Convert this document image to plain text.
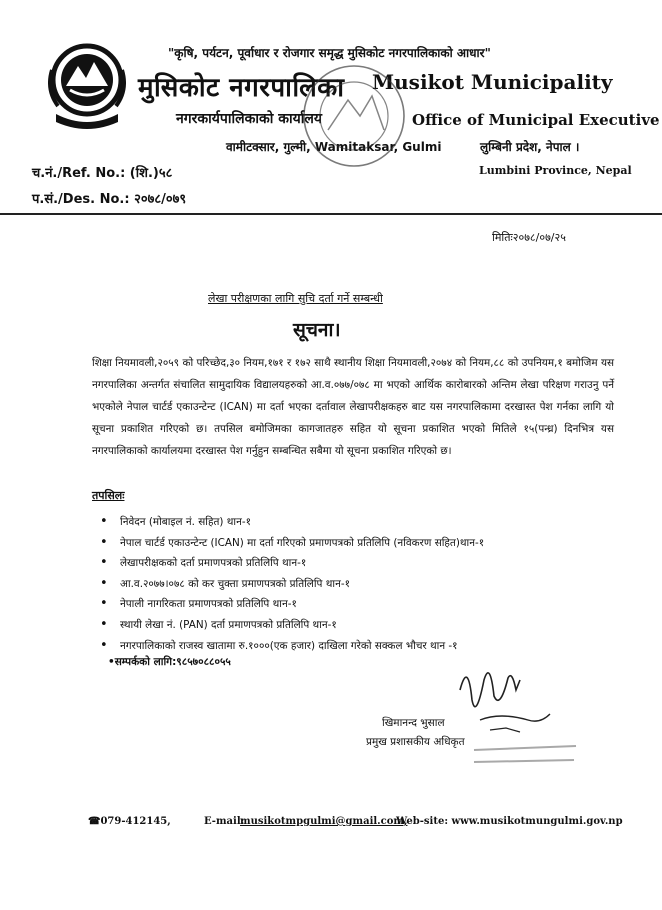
"कृषि, पर्यटन, पूर्वाधार र रोजगार समृद्ध मुसिकोट नगरपालिकाको आधार"
मुसिकोट नगरपालिका Musikot Municipality
नगरकार्यपालिकाको कार्यालय	Office of Municipal Executive
वामीटक्सार, गुल्मी, Wamitaksar, Gulmi	लुम्बिनी प्रदेश, नेपाल ।
Lumbini Province, Nepal
च.नं./Ref. No.: (शि.)५८
प.सं./Des. No.: २०७८/०७९
मितिः२०७८/०७/२५
लेखा परीक्षणका लागि सुचि दर्ता गर्ने सम्बन्धी
सूचना।
शिक्षा नियमावली,२०५९ को परिच्छेद,३० नियम,१७१ र १७२ साथै स्थानीय शिक्षा नियमावली,२०७४ को नियम,८८ को उपनियम,१ बमोजिम यस नगरपालिका अन्तर्गत संचालित सामुदायिक विद्यालयहरुको आ.व.०७७/०७८ मा भएको आर्थिक कारोबारको अन्तिम लेखा परिक्षण गराउनु पर्ने भएकोले नेपाल चार्टर्ड एकाउन्टेन्ट (ICAN) मा दर्ता भएका दर्तावाल लेखापरीक्षकहरु बाट यस नगरपालिकामा दरखास्त पेश गर्नका लागि यो सूचना प्रकाशित गरिएको छ। तपसिल बमोजिमका कागजातहरु सहित यो सूचना प्रकाशित भएको मितिले १५(पन्ध्र) दिनभित्र यस नगरपालिकाको कार्यालयमा दरखास्त पेश गर्नुहुन सम्बन्धित सबैमा यो सूचना प्रकाशित गरिएको छ।
तपसिलः
• निवेदन (मोबाइल नं. सहित) थान-१
• नेपाल चार्टर्ड एकाउन्टेन्ट (ICAN) मा दर्ता गरिएको प्रमाणपत्रको प्रतिलिपि (नविकरण सहित)थान-१
• लेखापरीक्षकको दर्ता प्रमाणपत्रको प्रतिलिपि थान-१
• आ.व.२०७७।०७८ को कर चुक्ता प्रमाणपत्रको प्रतिलिपि थान-१
• नेपाली नागरिकता प्रमाणपत्रको प्रतिलिपि थान-१
• स्थायी लेखा नं. (PAN) दर्ता प्रमाणपत्रको प्रतिलिपि थान-१
• नगरपालिकाको राजस्व खातामा रु.१०००(एक हजार) दाखिला गरेको सक्कल भौचर थान -१
•सम्पर्कको लागि:९८५७०८८०५५
खिमानन्द भुसाल
प्रमुख प्रशासकीय अधिकृत
☎079-412145,	E-mail:
musikotmpgulmi@gmail.com,
Web-site: www.musikotmungulmi.gov.np
